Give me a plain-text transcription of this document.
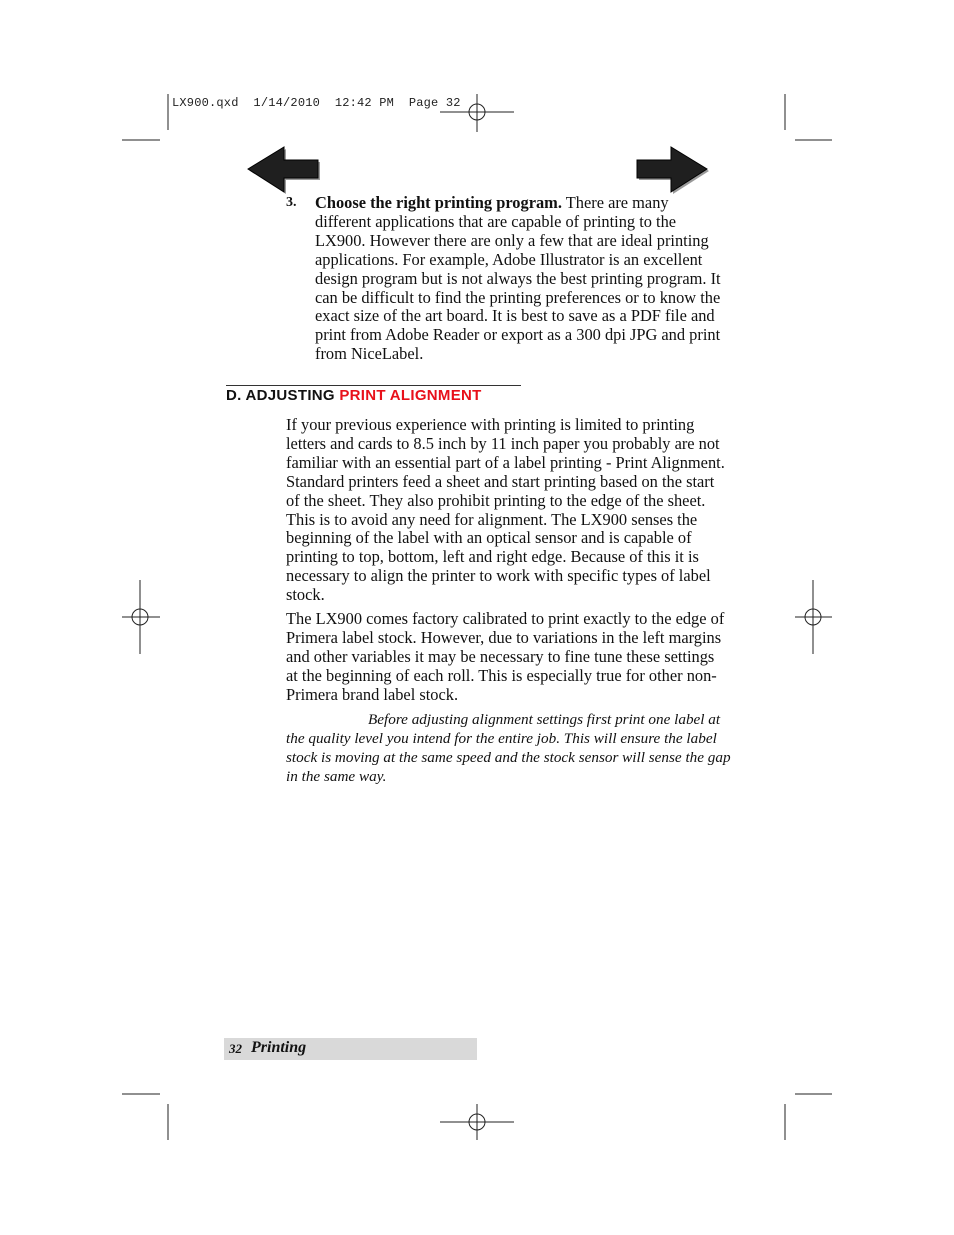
LX900.qxd  1/14/2010  12:42 PM  Page 32
3. Choose the right printing program. There are many different applications that are capable of printing to the LX900. However there are only a few that are ideal printing applications. For example, Adobe Illustrator is an excellent design program but is not always the best printing program. It can be difficult to find the printing preferences or to know the exact size of the art board. It is best to save as a PDF file and print from Adobe Reader or export as a 300 dpi JPG and print from NiceLabel.
D. ADJUSTING PRINT ALIGNMENT

If your previous experience with printing is limited to printing letters and cards to 8.5 inch by 11 inch paper you probably are not familiar with an essential part of a label printing - Print Alignment. Standard printers feed a sheet and start printing based on the start of the sheet. They also prohibit printing to the edge of the sheet. This is to avoid any need for alignment. The LX900 senses the beginning of the label with an optical sensor and is capable of printing to top, bottom, left and right edge. Because of this it is necessary to align the printer to work with specific types of label stock.

The LX900 comes factory calibrated to print exactly to the edge of Primera label stock. However, due to variations in the left margins and other variables it may be necessary to fine tune these settings at the beginning of each roll. This is especially true for other non-Primera brand label stock.

Before adjusting alignment settings first print one label at the quality level you intend for the entire job. This will ensure the label stock is moving at the same speed and the stock sensor will sense the gap in the same way.

32 Printing
